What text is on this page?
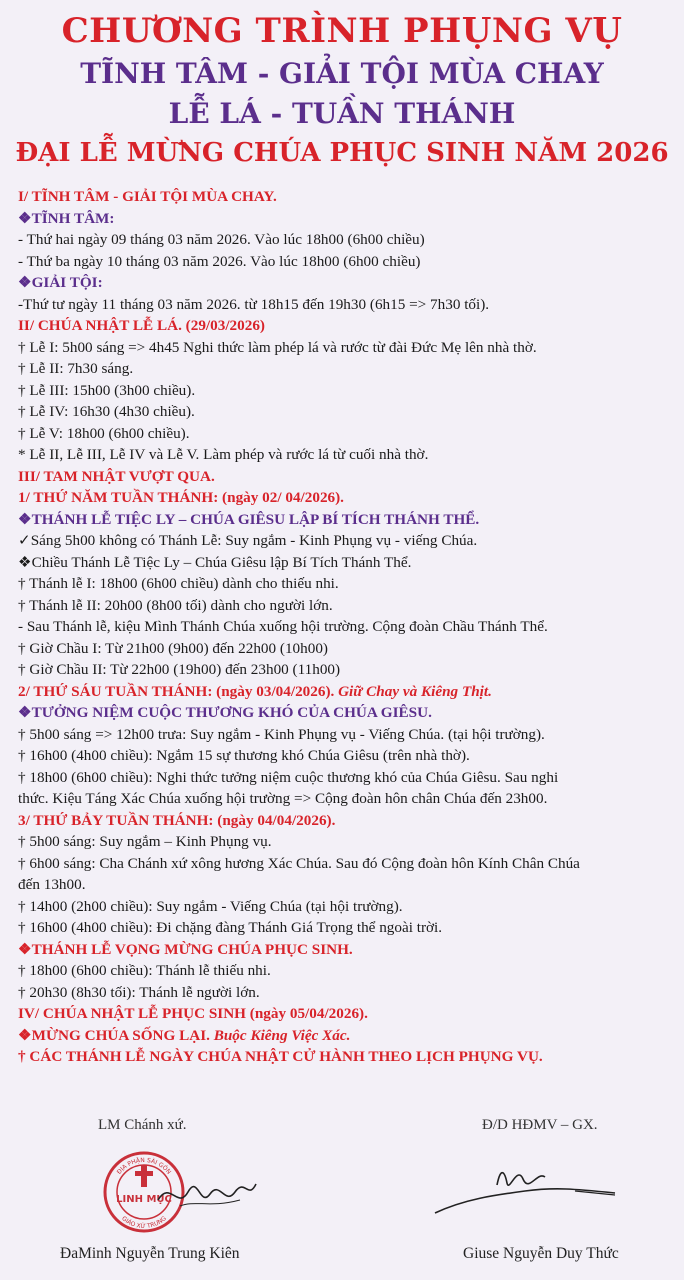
CHƯƠNG TRÌNH PHỤNG VỤ
TĨNH TÂM - GIẢI TỘI MÙA CHAY
LỄ LÁ - TUẦN THÁNH
ĐẠI LỄ MỪNG CHÚA PHỤC SINH NĂM 2026
I/ TĨNH TÂM - GIẢI TỘI MÙA CHAY.
❖TĨNH TÂM:
- Thứ hai ngày 09 tháng 03 năm 2026. Vào lúc 18h00 (6h00 chiều)
- Thứ ba ngày 10 tháng 03 năm 2026. Vào lúc 18h00 (6h00 chiều)
❖GIẢI TỘI:
-Thứ tư ngày 11 tháng 03 năm 2026. từ 18h15 đến 19h30 (6h15 => 7h30 tối).
II/ CHÚA NHẬT LỄ LÁ. (29/03/2026)
† Lễ I: 5h00 sáng => 4h45 Nghi thức làm phép lá và rước từ đài Đức Mẹ lên nhà thờ.
† Lễ II: 7h30 sáng.
† Lễ III: 15h00 (3h00 chiều).
† Lễ IV: 16h30 (4h30 chiều).
† Lễ V: 18h00 (6h00 chiều).
* Lễ II, Lễ III, Lễ IV và Lễ V. Làm phép và rước lá từ cuối nhà thờ.
III/ TAM NHẬT VƯỢT QUA.
1/ THỨ NĂM TUẦN THÁNH: (ngày 02/ 04/2026).
❖THÁNH LỄ TIỆC LY – CHÚA GIÊSU LẬP BÍ TÍCH THÁNH THỂ.
✓Sáng 5h00 không có Thánh Lễ: Suy ngắm - Kinh Phụng vụ - viếng Chúa.
❖Chiều Thánh Lễ Tiệc Ly – Chúa Giêsu lập Bí Tích Thánh Thể.
† Thánh lễ I: 18h00 (6h00 chiều) dành cho thiếu nhi.
† Thánh lễ II: 20h00 (8h00 tối) dành cho người lớn.
- Sau Thánh lễ, kiệu Mình Thánh Chúa xuống hội trường. Cộng đoàn Chầu Thánh Thể.
† Giờ Chầu I: Từ 21h00 (9h00) đến 22h00 (10h00)
† Giờ Chầu II: Từ 22h00 (19h00) đến 23h00 (11h00)
2/ THỨ SÁU TUẦN THÁNH: (ngày 03/04/2026). Giữ Chay và Kiêng Thịt.
❖TƯỞNG NIỆM CUỘC THƯƠNG KHÓ CỦA CHÚA GIÊSU.
† 5h00 sáng => 12h00 trưa: Suy ngắm - Kinh Phụng vụ - Viếng Chúa. (tại hội trường).
† 16h00 (4h00 chiều): Ngắm 15 sự thương khó Chúa Giêsu (trên nhà thờ).
† 18h00 (6h00 chiều): Nghi thức tưởng niệm cuộc thương khó của Chúa Giêsu. Sau nghi
thức. Kiệu Táng Xác Chúa xuống hội trường => Cộng đoàn hôn chân Chúa đến 23h00.
3/ THỨ BẢY TUẦN THÁNH: (ngày 04/04/2026).
† 5h00 sáng: Suy ngắm – Kinh Phụng vụ.
† 6h00 sáng: Cha Chánh xứ xông hương Xác Chúa. Sau đó Cộng đoàn hôn Kính Chân Chúa
đến 13h00.
† 14h00 (2h00 chiều): Suy ngắm - Viếng Chúa (tại hội trường).
† 16h00 (4h00 chiều): Đi chặng đàng Thánh Giá Trọng thể ngoài trời.
❖THÁNH LỄ VỌNG MỪNG CHÚA PHỤC SINH.
† 18h00 (6h00 chiều): Thánh lễ thiếu nhi.
† 20h30 (8h30 tối): Thánh lễ người lớn.
IV/ CHÚA NHẬT LỄ PHỤC SINH (ngày 05/04/2026).
❖MỪNG CHÚA SỐNG LẠI. Buộc Kiêng Việc Xác.
† CÁC THÁNH LỄ NGÀY CHÚA NHẬT CỬ HÀNH THEO LỊCH PHỤNG VỤ.
LM Chánh xứ.	Đ/D HĐMV – GX.
LINH MỤC
ĐỊA PHẬN SÀI GÒN
GIÁO XỨ TRUNG
ĐaMinh Nguyễn Trung Kiên	Giuse Nguyễn Duy Thức
